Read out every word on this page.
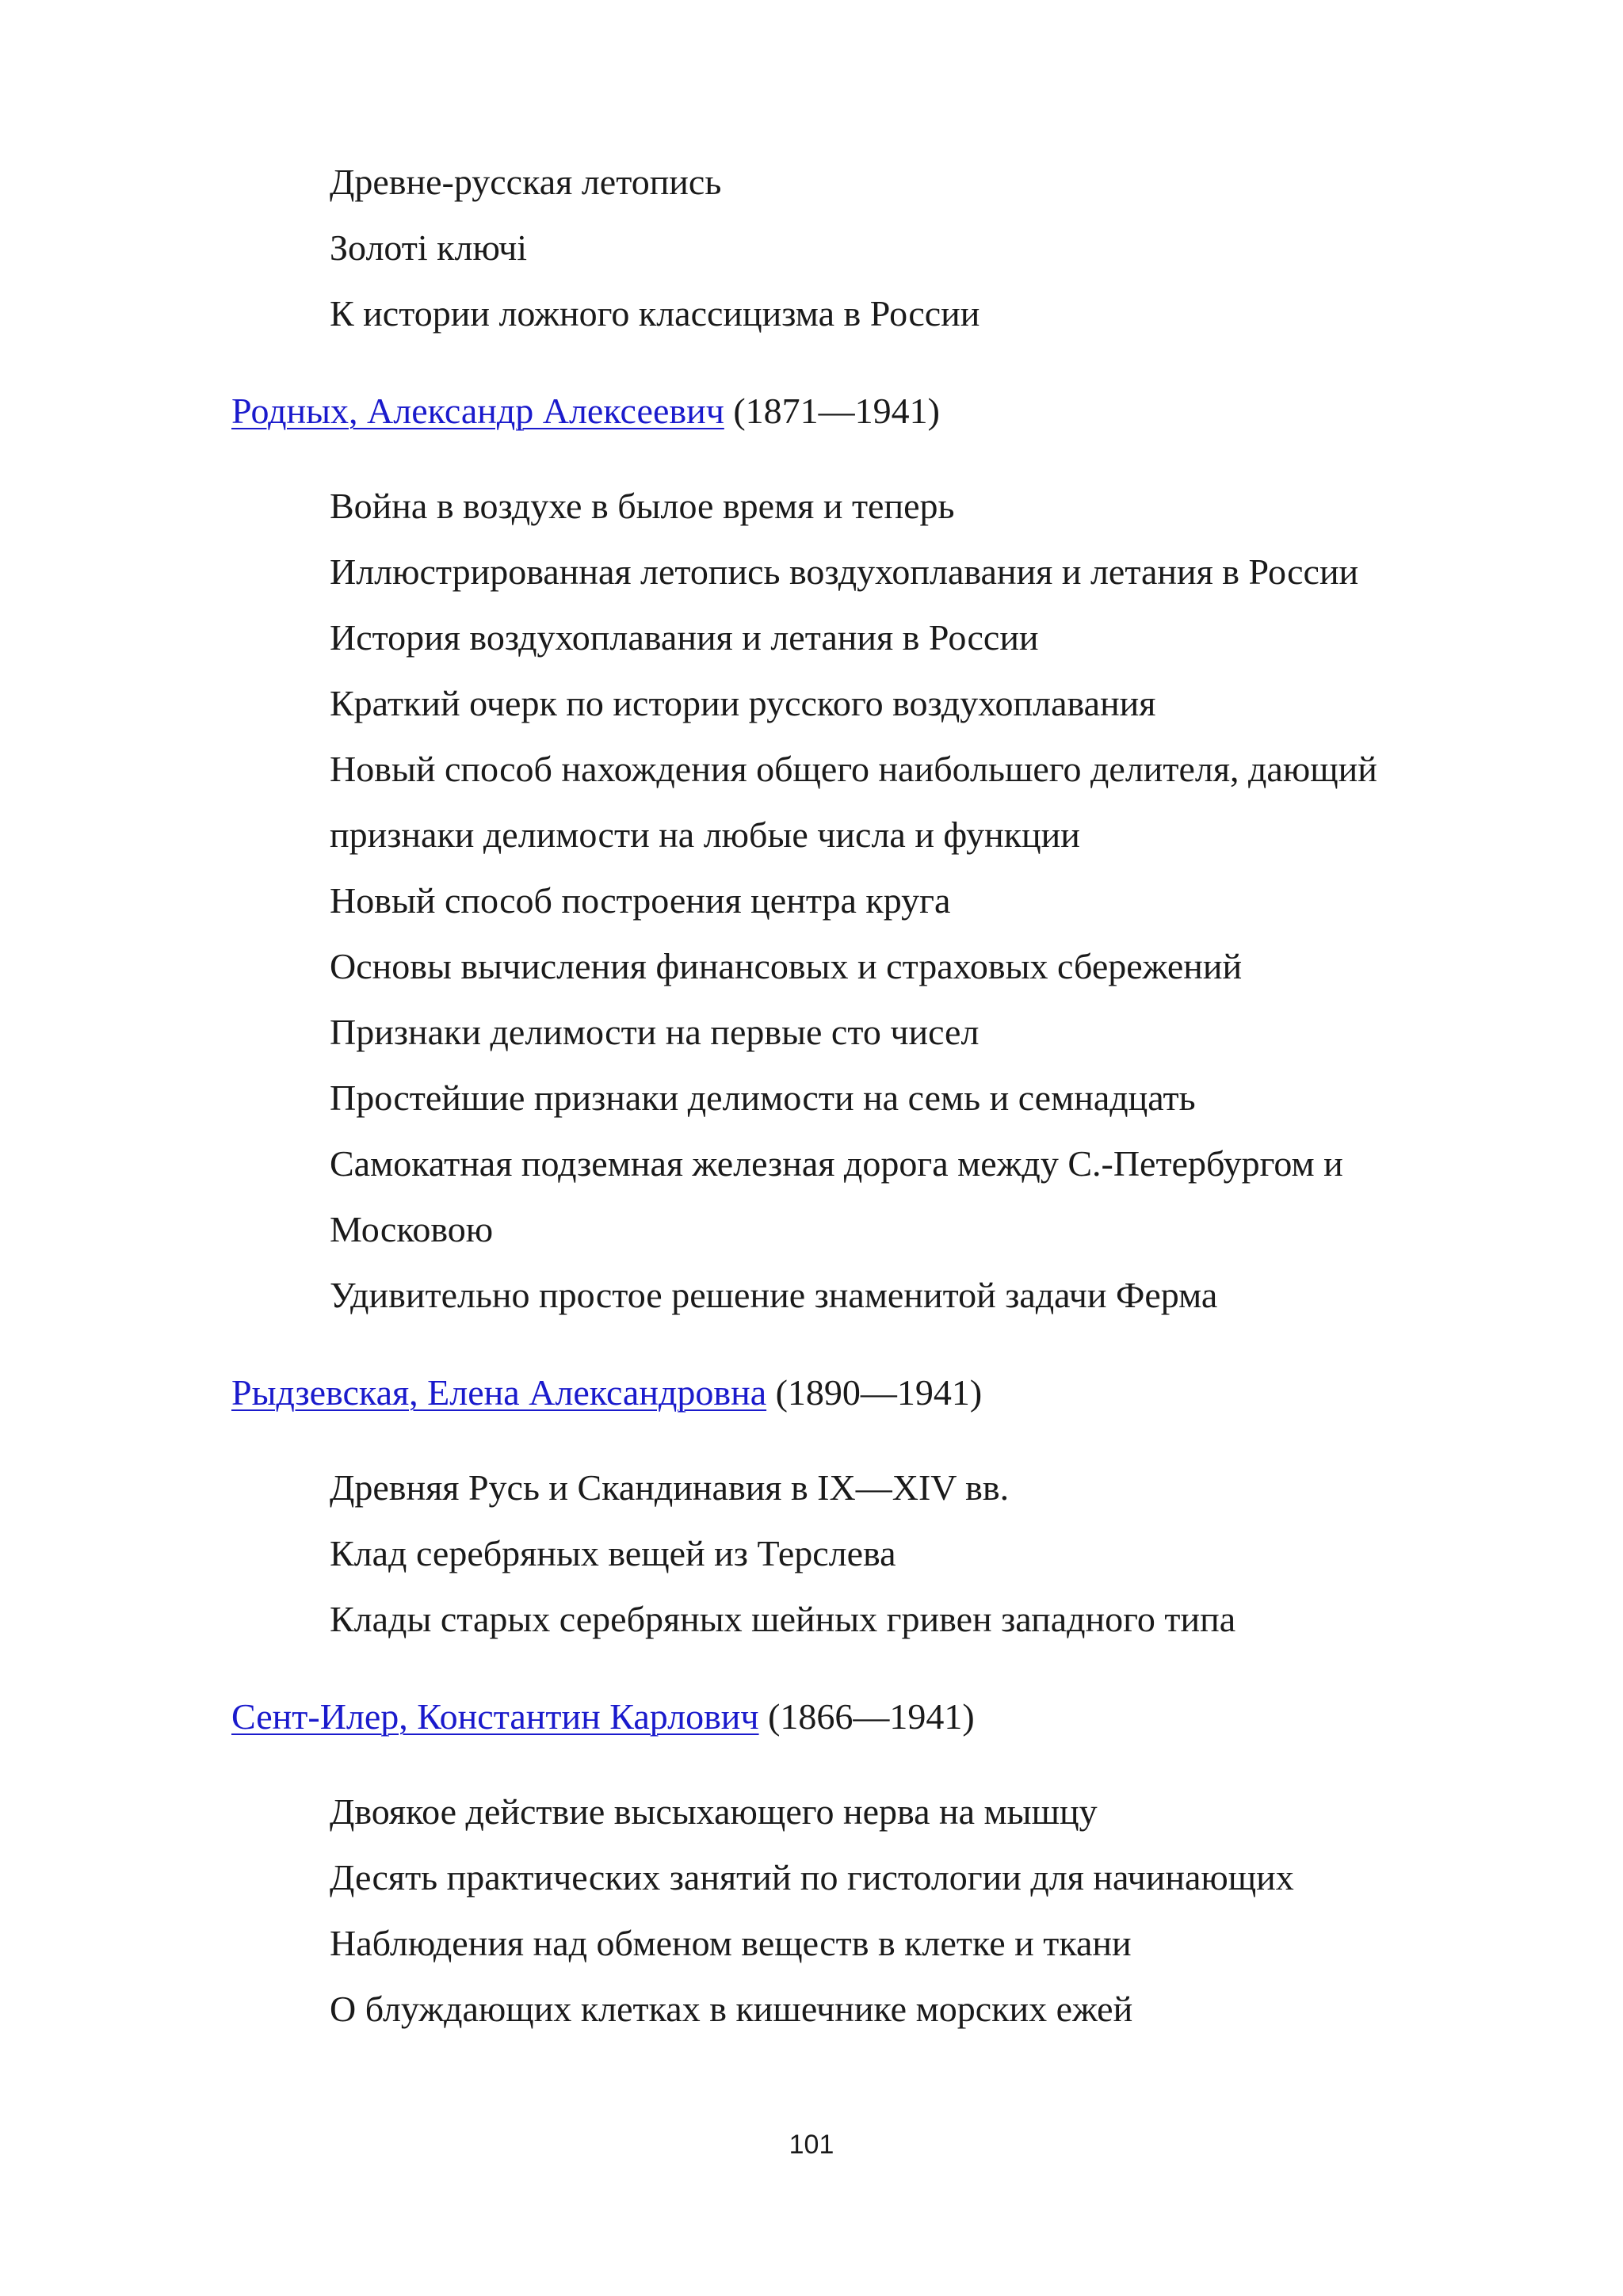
Древне-русская летопись

Золоті ключі

К истории ложного классицизма в России

Родных, Александр Алексеевич (1871—1941)

Война в воздухе в былое время и теперь

Иллюстрированная летопись воздухоплавания и летания в России

История воздухоплавания и летания в России

Краткий очерк по истории русского воздухоплавания

Новый способ нахождения общего наибольшего делителя, дающий

признаки делимости на любые числа и функции

Новый способ построения центра круга

Основы вычисления финансовых и страховых сбережений

Признаки делимости на первые сто чисел

Простейшие признаки делимости на семь и семнадцать

Самокатная подземная железная дорога между С.-Петербургом и

Московою

Удивительно простое решение знаменитой задачи Ферма

Рыдзевская, Елена Александровна (1890—1941)

Древняя Русь и Скандинавия в IX—XIV вв.

Клад серебряных вещей из Терслева

Клады старых серебряных шейных гривен западного типа

Сент-Илер, Константин Карлович (1866—1941)

Двоякое действие высыхающего нерва на мышцу

Десять практических занятий по гистологии для начинающих

Наблюдения над обменом веществ в клетке и ткани

О блуждающих клетках в кишечнике морских ежей

101
